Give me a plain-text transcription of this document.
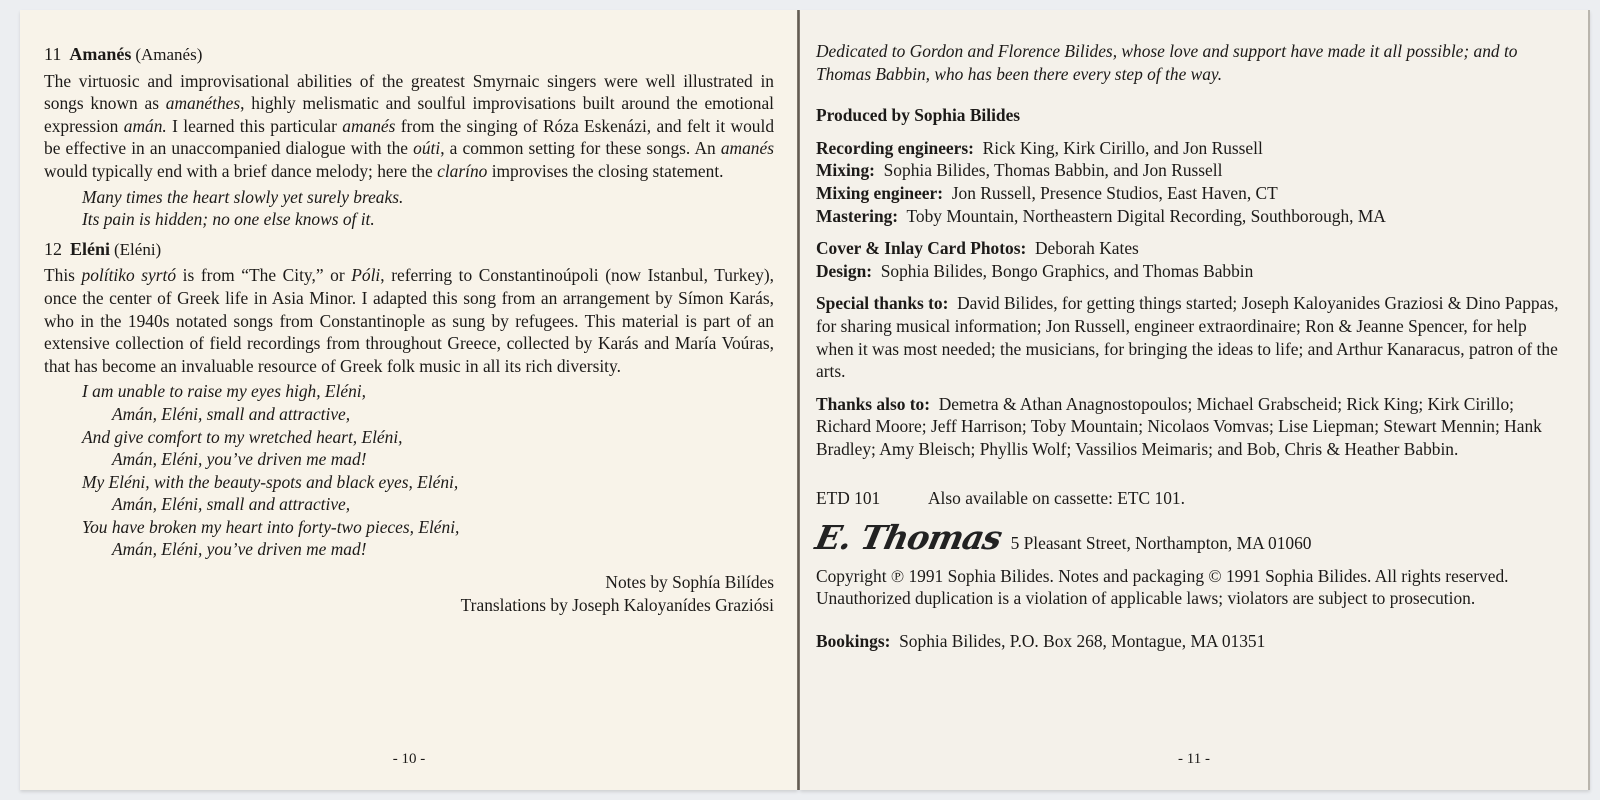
11 Amanés (Amanés)

The virtuosic and improvisational abilities of the greatest Smyrnaic singers were well illustrated in songs known as amanéthes, highly melismatic and soulful improvisations built around the emotional expression amán. I learned this particular amanés from the singing of Róza Eskenázi, and felt it would be effective in an unaccompanied dialogue with the oúti, a common setting for these songs. An amanés would typically end with a brief dance melody; here the claríno improvises the closing statement.

Many times the heart slowly yet surely breaks.
Its pain is hidden; no one else knows of it.
12 Eléni (Eléni)

This polítiko syrtó is from “The City,” or Póli, referring to Constantinoúpoli (now Istanbul, Turkey), once the center of Greek life in Asia Minor. I adapted this song from an arrangement by Símon Karás, who in the 1940s notated songs from Constantinople as sung by refugees. This material is part of an extensive collection of field recordings from throughout Greece, collected by Karás and María Voúras, that has become an invaluable resource of Greek folk music in all its rich diversity.

I am unable to raise my eyes high, Eléni,
Amán, Eléni, small and attractive,
And give comfort to my wretched heart, Eléni,
Amán, Eléni, you’ve driven me mad!
My Eléni, with the beauty-spots and black eyes, Eléni,
Amán, Eléni, small and attractive,
You have broken my heart into forty-two pieces, Eléni,
Amán, Eléni, you’ve driven me mad!
Notes by Sophía Bilídes
Translations by Joseph Kaloyanídes Graziósi
- 10 -

Dedicated to Gordon and Florence Bilides, whose love and support have made it all possible; and to Thomas Babbin, who has been there every step of the way.

Produced by Sophia Bilides

Recording engineers:  Rick King, Kirk Cirillo, and Jon Russell
Mixing:  Sophia Bilides, Thomas Babbin, and Jon Russell
Mixing engineer:  Jon Russell, Presence Studios, East Haven, CT
Mastering:  Toby Mountain, Northeastern Digital Recording, Southborough, MA
Cover & Inlay Card Photos:  Deborah Kates
Design:  Sophia Bilides, Bongo Graphics, and Thomas Babbin

Special thanks to: David Bilides, for getting things started; Joseph Kaloyanides Graziosi & Dino Pappas, for sharing musical information; Jon Russell, engineer extraordinaire; Ron & Jeanne Spencer, for help when it was most needed; the musicians, for bringing the ideas to life; and Arthur Kanaracus, patron of the arts.

Thanks also to: Demetra & Athan Anagnostopoulos; Michael Grabscheid; Rick King; Kirk Cirillo; Richard Moore; Jeff Harrison; Toby Mountain; Nicolaos Vomvas; Lise Liepman; Stewart Mennin; Hank Bradley; Amy Bleisch; Phyllis Wolf; Vassilios Meimaris; and Bob, Chris & Heather Babbin.

ETD 101	Also available on cassette: ETC 101.

E. Thomas 5 Pleasant Street, Northampton, MA 01060

Copyright ℗ 1991 Sophia Bilides. Notes and packaging © 1991 Sophia Bilides. All rights reserved. Unauthorized duplication is a violation of applicable laws; violators are subject to prosecution.

Bookings: Sophia Bilides, P.O. Box 268, Montague, MA 01351

- 11 -
